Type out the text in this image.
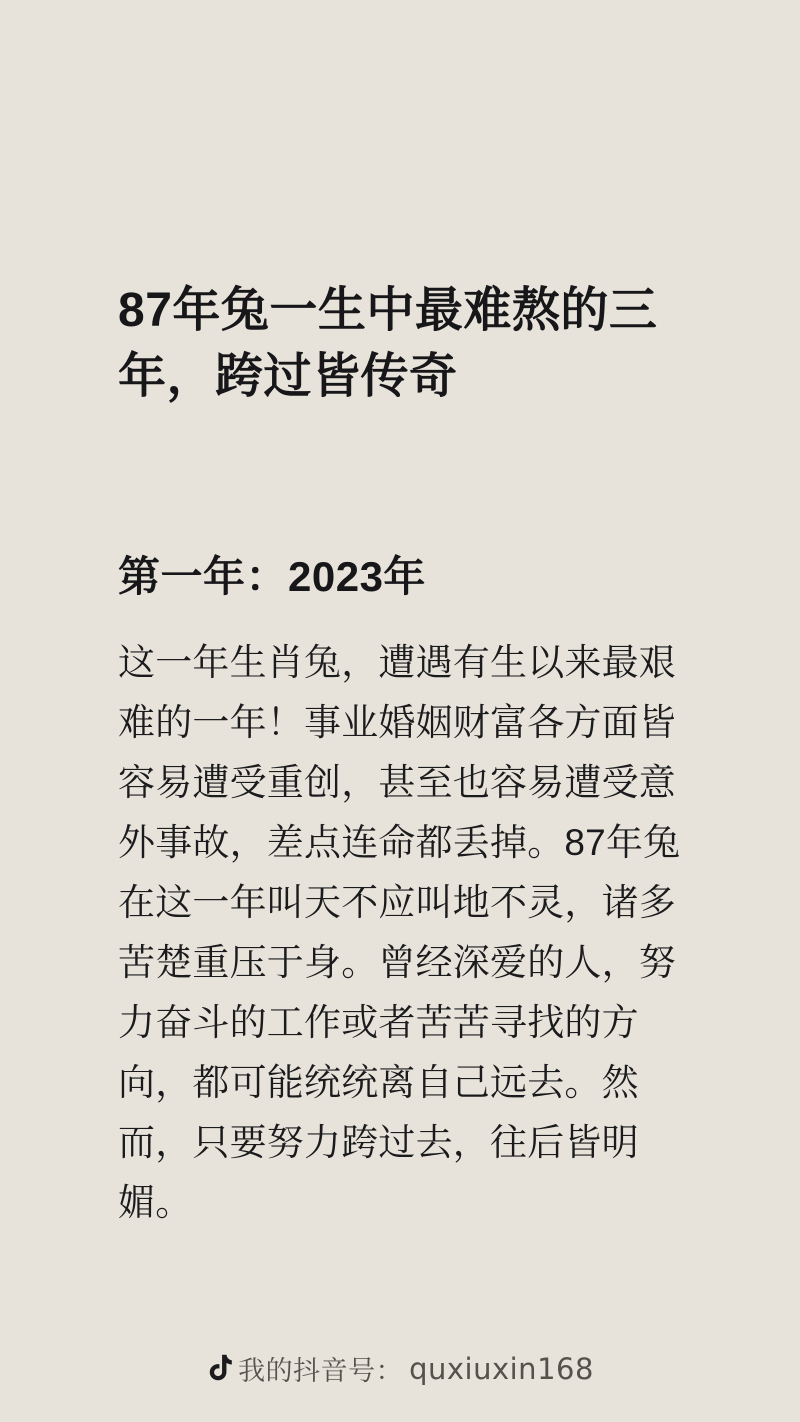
87年兔一生中最难熬的三年，跨过皆传奇
第一年：2023年

这一年生肖兔，遭遇有生以来最艰难的一年！事业婚姻财富各方面皆容易遭受重创，甚至也容易遭受意外事故，差点连命都丢掉。87年兔在这一年叫天不应叫地不灵，诸多苦楚重压于身。曾经深爱的人，努力奋斗的工作或者苦苦寻找的方向，都可能统统离自己远去。然而，只要努力跨过去，往后皆明媚。

我的抖音号： quxiuxin168
